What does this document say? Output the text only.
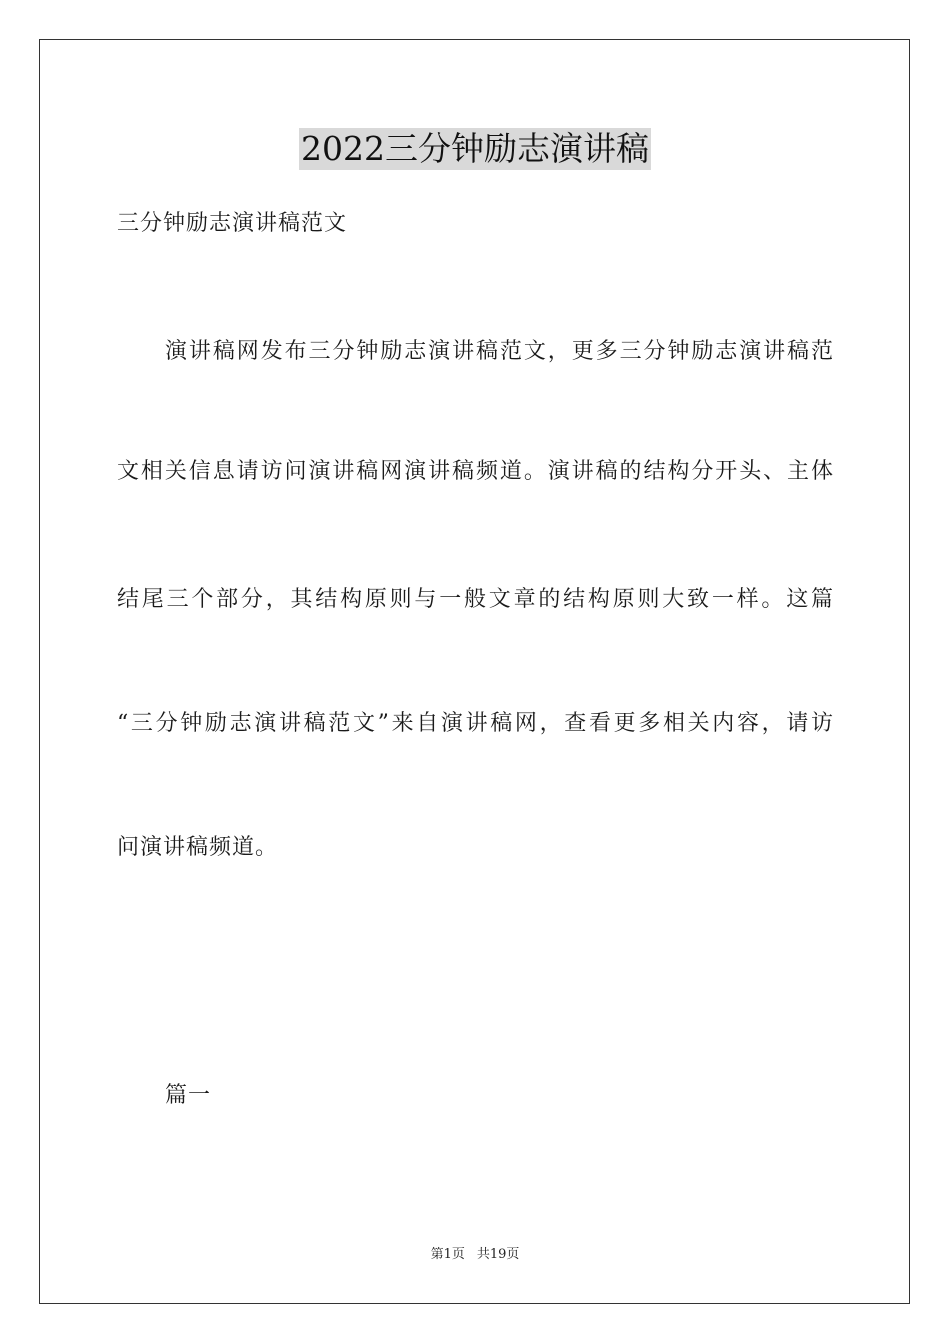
2022三分钟励志演讲稿
三分钟励志演讲稿范文
演讲稿网发布三分钟励志演讲稿范文，更多三分钟励志演讲稿范
文相关信息请访问演讲稿网演讲稿频道。演讲稿的结构分开头、主体
结尾三个部分，其结构原则与一般文章的结构原则大致一样。这篇
“三分钟励志演讲稿范文”来自演讲稿网，查看更多相关内容，请访
问演讲稿频道。
篇一
第1页 共19页
